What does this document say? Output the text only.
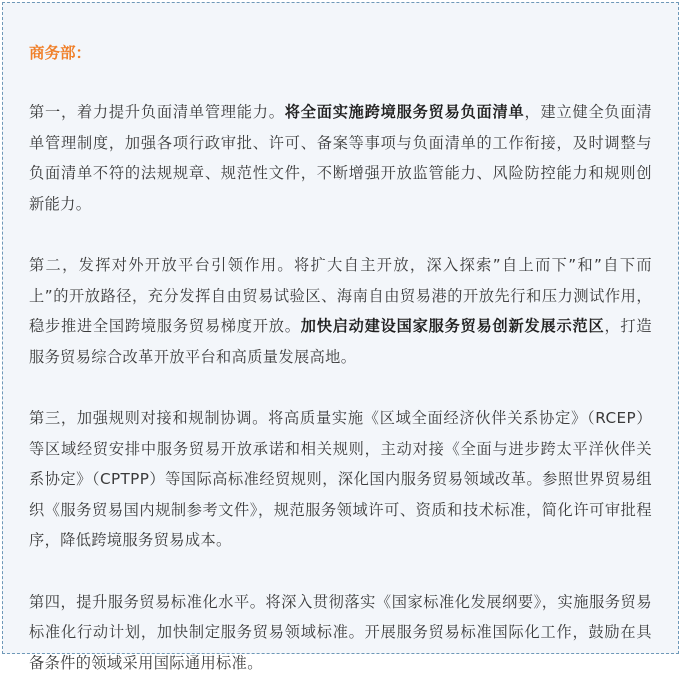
商务部：

第一，着力提升负面清单管理能力。将全面实施跨境服务贸易负面清单，建立健全负面清单管理制度，加强各项行政审批、许可、备案等事项与负面清单的工作衔接，及时调整与负面清单不符的法规规章、规范性文件，不断增强开放监管能力、风险防控能力和规则创新能力。

第二，发挥对外开放平台引领作用。将扩大自主开放，深入探索”自上而下”和”自下而上”的开放路径，充分发挥自由贸易试验区、海南自由贸易港的开放先行和压力测试作用，稳步推进全国跨境服务贸易梯度开放。加快启动建设国家服务贸易创新发展示范区，打造服务贸易综合改革开放平台和高质量发展高地。

第三，加强规则对接和规制协调。将高质量实施《区域全面经济伙伴关系协定》（RCEP）等区域经贸安排中服务贸易开放承诺和相关规则，主动对接《全面与进步跨太平洋伙伴关系协定》（CPTPP）等国际高标准经贸规则，深化国内服务贸易领域改革。参照世界贸易组织《服务贸易国内规制参考文件》，规范服务领域许可、资质和技术标准，简化许可审批程序，降低跨境服务贸易成本。

第四，提升服务贸易标准化水平。将深入贯彻落实《国家标准化发展纲要》，实施服务贸易标准化行动计划，加快制定服务贸易领域标准。开展服务贸易标准国际化工作，鼓励在具备条件的领域采用国际通用标准。
